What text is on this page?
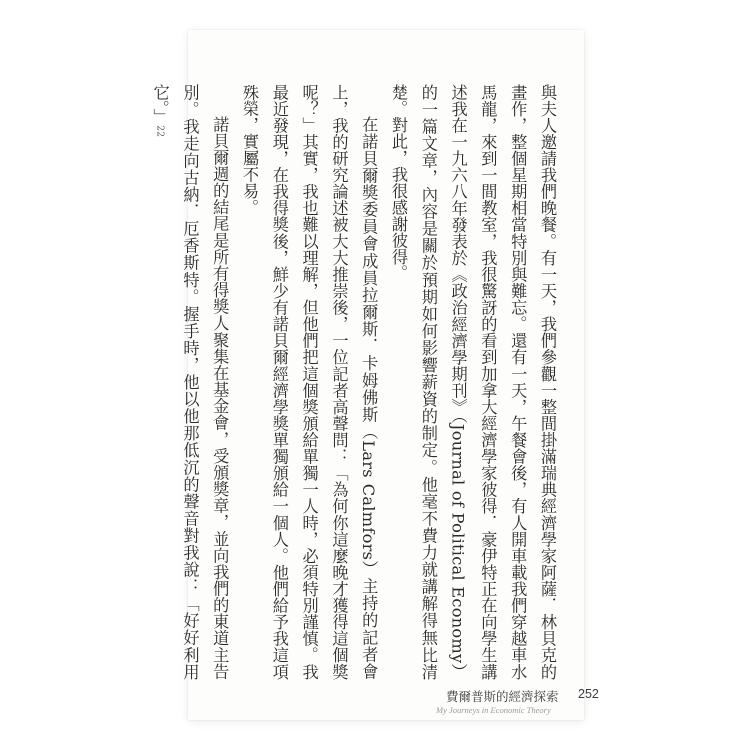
與夫人邀請我們晚餐。有一天，我們參觀一整間掛滿瑞典經濟學家阿薩．林貝克的畫作，整個星期相當特別與難忘。還有一天，午餐會後，有人開車載我們穿越車水馬龍，來到一間教室，我很驚訝的看到加拿大經濟學家彼得．豪伊特正在向學生講述我在一九六八年發表於《政治經濟學期刊》（Journal of Political Economy）的一篇文章，內容是關於預期如何影響薪資的制定。他毫不費力就講解得無比清楚。對此，我很感謝彼得。

在諾貝爾獎委員會成員拉爾斯．卡姆佛斯（Lars Calmfors）主持的記者會上，我的研究論述被大大推崇後，一位記者高聲問：「為何你這麼晚才獲得這個獎呢？」其實，我也難以理解，但他們把這個獎頒給單獨一人時，必須特別謹慎。我最近發現，在我得獎後，鮮少有諾貝爾經濟學獎單獨頒給一個人。他們給予我這項殊榮，實屬不易。

諾貝爾週的結尾是所有得獎人聚集在基金會，受頒獎章，並向我們的東道主告別。我走向古納．厄香斯特。握手時，他以他那低沉的聲音對我說：「好好利用它。」22

費爾普斯的經濟探索 252
My Journeys in Economic Theory
